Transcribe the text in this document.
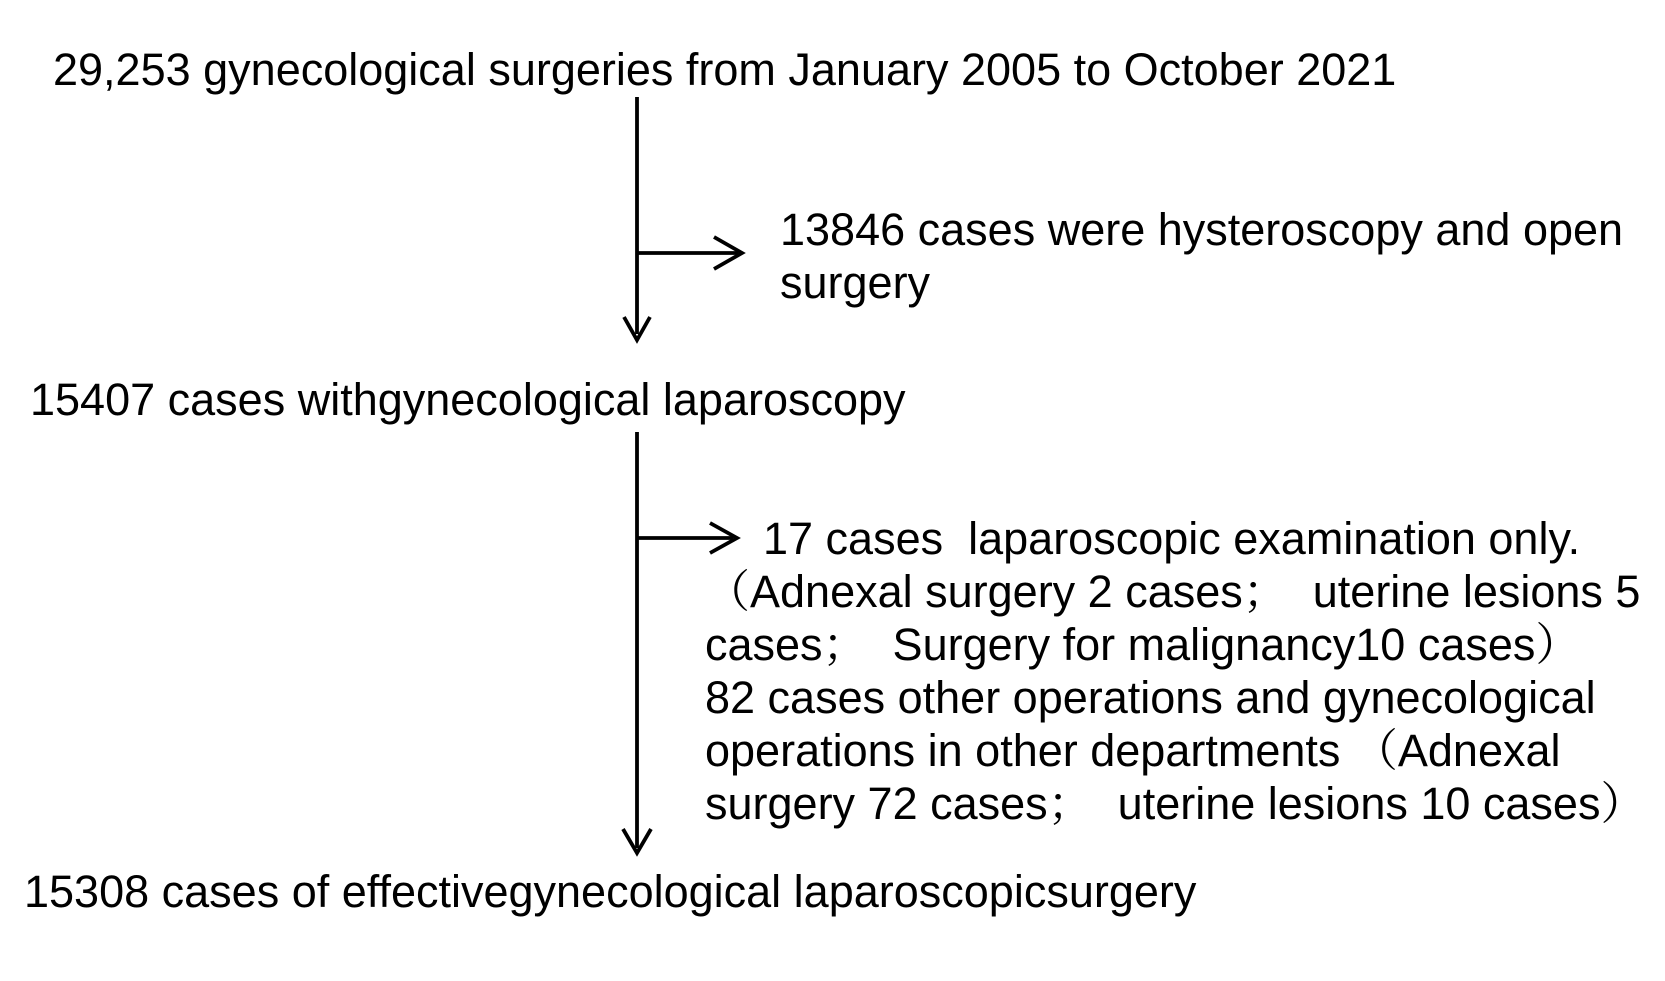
29,253 gynecological surgeries from January 2005 to October 2021
13846 cases were hysteroscopy and open
surgery
15407 cases withgynecological laparoscopy
17 cases  laparoscopic examination only.
（Adnexal surgery 2 cases；  uterine lesions 5
cases；  Surgery for malignancy10 cases）
82 cases other operations and gynecological
operations in other departments （Adnexal
surgery 72 cases；  uterine lesions 10 cases）
15308 cases of effectivegynecological laparoscopicsurgery
